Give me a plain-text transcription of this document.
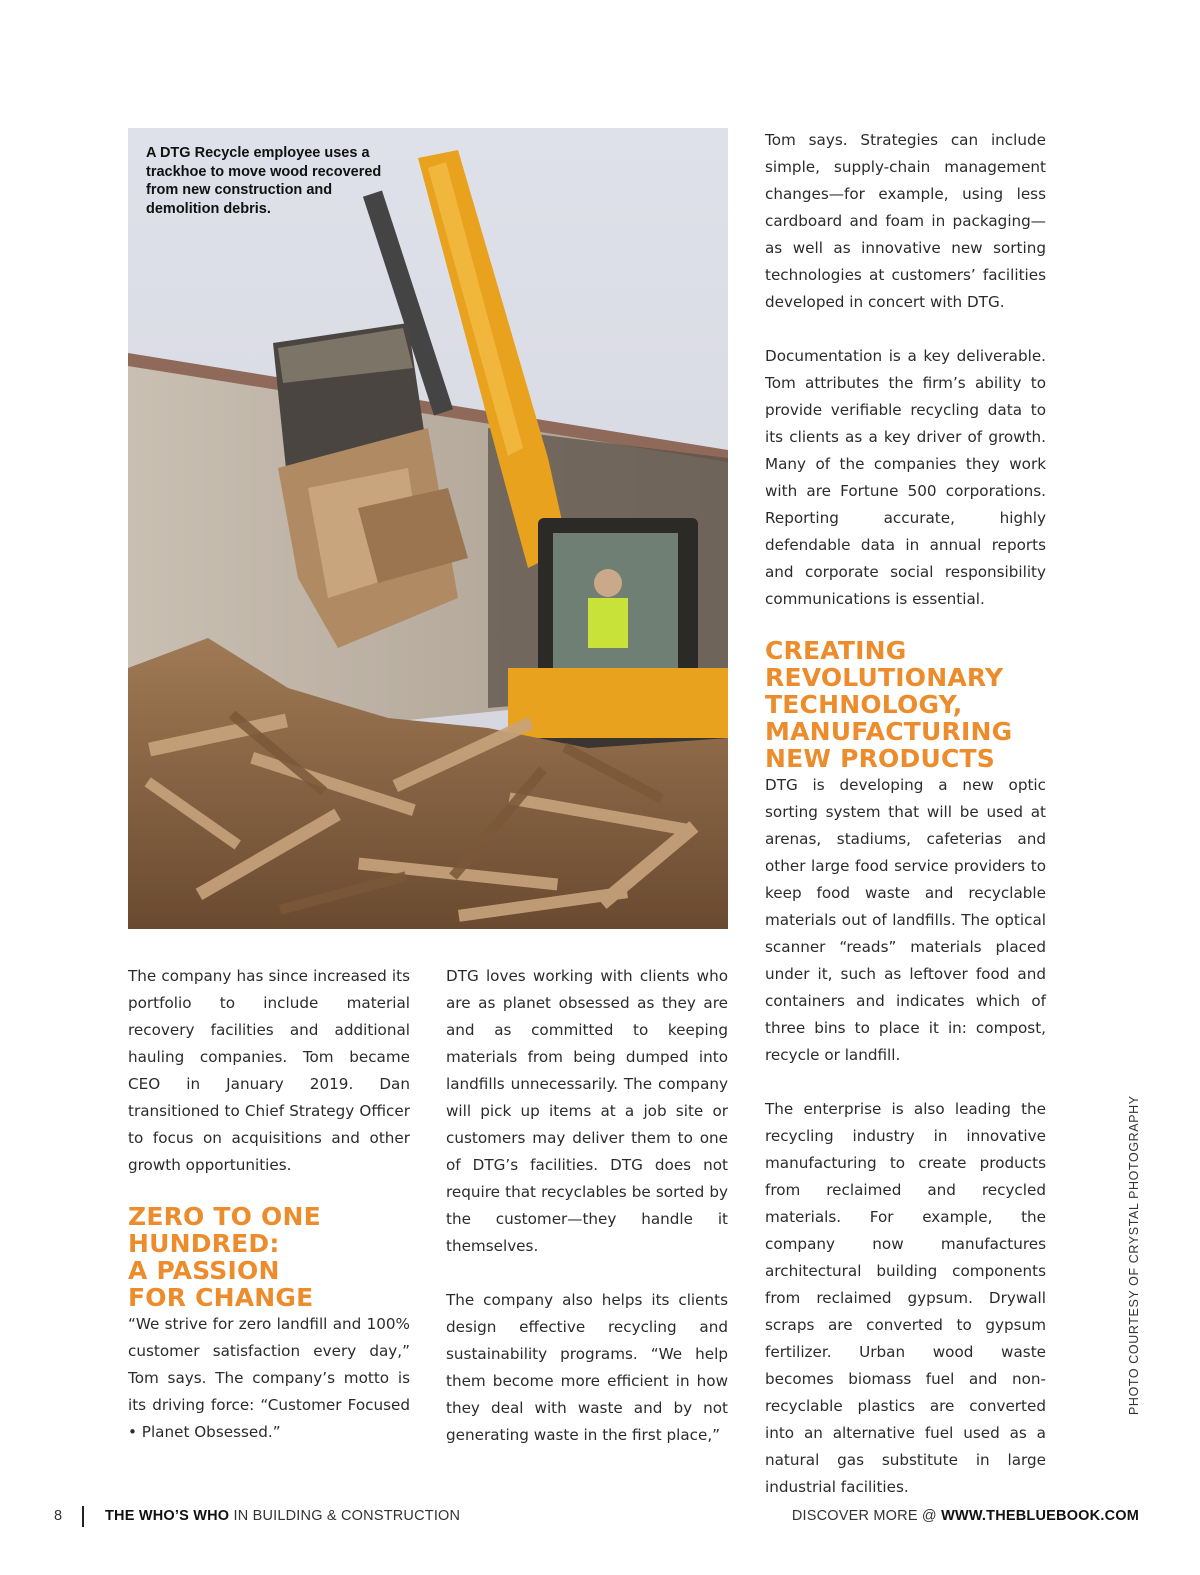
A DTG Recycle employee uses a trackhoe to move wood recovered from new construction and demolition debris.

The company has since increased its portfolio to include material recovery facilities and additional hauling companies. Tom became CEO in January 2019. Dan transitioned to Chief Strategy Officer to focus on acquisitions and other growth opportunities.

ZERO TO ONE
HUNDRED:
A PASSION
FOR CHANGE

“We strive for zero landfill and 100% customer satisfaction every day,” Tom says. The company’s motto is its driving force: “Customer Focused • Planet Obsessed.”

DTG loves working with clients who are as planet obsessed as they are and as committed to keeping materials from being dumped into landfills unnecessarily. The company will pick up items at a job site or customers may deliver them to one of DTG’s facilities. DTG does not require that recyclables be sorted by the customer—they handle it themselves.

The company also helps its clients design effective recycling and sustainability programs. “We help them become more efficient in how they deal with waste and by not generating waste in the first place,”

Tom says. Strategies can include simple, supply-chain management changes—for example, using less cardboard and foam in packaging—as well as innovative new sorting technologies at customers’ facilities developed in concert with DTG.

Documentation is a key deliverable. Tom attributes the firm’s ability to provide verifiable recycling data to its clients as a key driver of growth. Many of the companies they work with are Fortune 500 corporations. Reporting accurate, highly defendable data in annual reports and corporate social responsibility communications is essential.

CREATING
REVOLUTIONARY
TECHNOLOGY,
MANUFACTURING
NEW PRODUCTS

DTG is developing a new optic sorting system that will be used at arenas, stadiums, cafeterias and other large food service providers to keep food waste and recyclable materials out of landfills. The optical scanner “reads” materials placed under it, such as leftover food and containers and indicates which of three bins to place it in: compost, recycle or landfill.

The enterprise is also leading the recycling industry in innovative manufacturing to create products from reclaimed and recycled materials. For example, the company now manufactures architectural building components from reclaimed gypsum. Drywall scraps are converted to gypsum fertilizer. Urban wood waste becomes biomass fuel and non-recyclable plastics are converted into an alternative fuel used as a natural gas substitute in large industrial facilities.

PHOTO COURTESY OF CRYSTAL PHOTOGRAPHY
8	THE WHO’S WHO IN BUILDING & CONSTRUCTION	DISCOVER MORE @ WWW.THEBLUEBOOK.COM
